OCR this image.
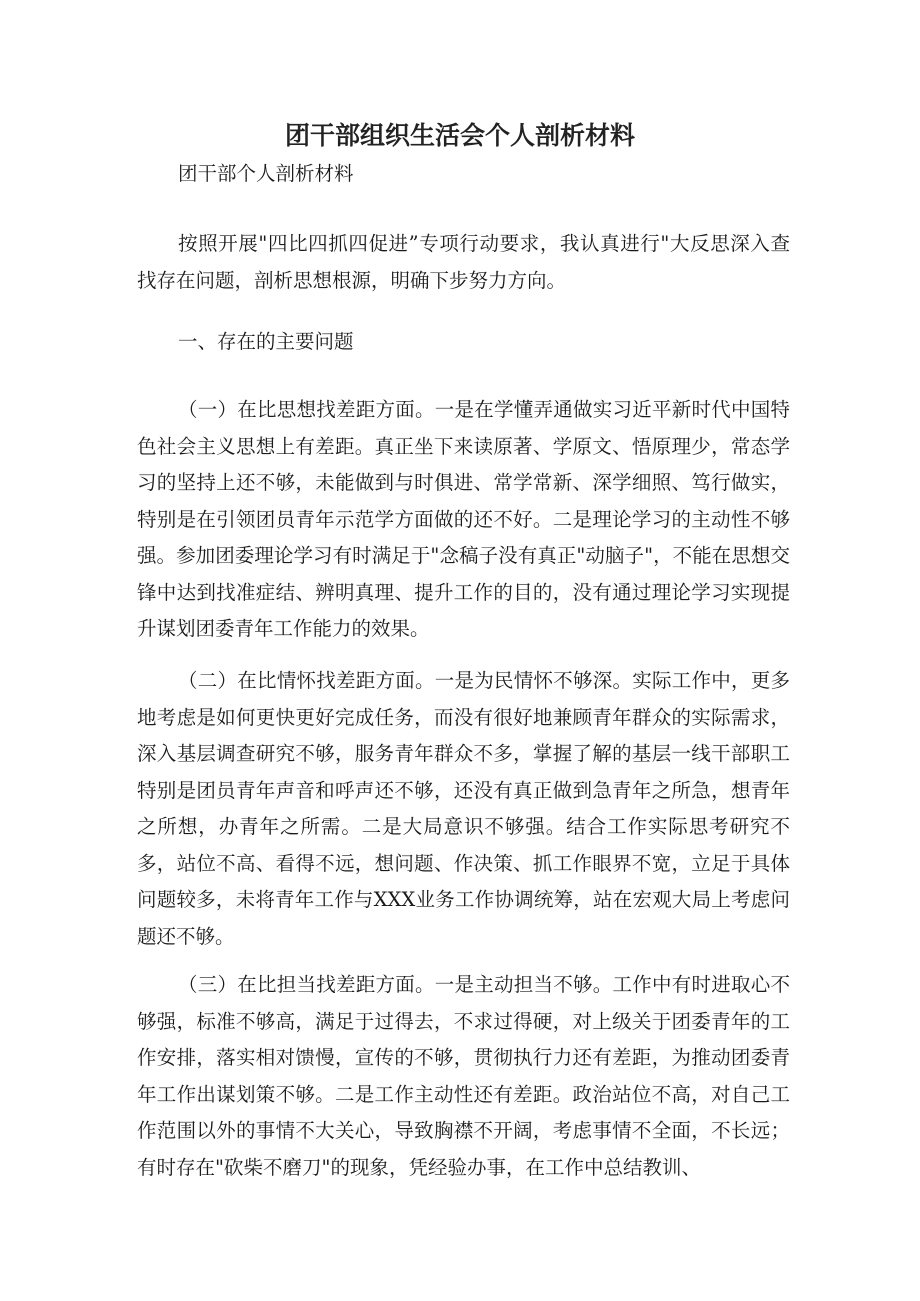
团干部组织生活会个人剖析材料

团干部个人剖析材料

按照开展"四比四抓四促进”专项行动要求，我认真进行"大反思深入查找存在问题，剖析思想根源，明确下步努力方向。

一、存在的主要问题

（一）在比思想找差距方面。一是在学懂弄通做实习近平新时代中国特色社会主义思想上有差距。真正坐下来读原著、学原文、悟原理少，常态学习的坚持上还不够，未能做到与时俱进、常学常新、深学细照、笃行做实，特别是在引领团员青年示范学方面做的还不好。二是理论学习的主动性不够强。参加团委理论学习有时满足于"念稿子没有真正"动脑子"，不能在思想交锋中达到找准症结、辨明真理、提升工作的目的，没有通过理论学习实现提升谋划团委青年工作能力的效果。

（二）在比情怀找差距方面。一是为民情怀不够深。实际工作中，更多地考虑是如何更快更好完成任务，而没有很好地兼顾青年群众的实际需求，深入基层调查研究不够，服务青年群众不多，掌握了解的基层一线干部职工特别是团员青年声音和呼声还不够，还没有真正做到急青年之所急，想青年之所想，办青年之所需。二是大局意识不够强。结合工作实际思考研究不多，站位不高、看得不远，想问题、作决策、抓工作眼界不宽，立足于具体问题较多，未将青年工作与XXX业务工作协调统筹，站在宏观大局上考虑问题还不够。

（三）在比担当找差距方面。一是主动担当不够。工作中有时进取心不够强，标准不够高，满足于过得去，不求过得硬，对上级关于团委青年的工作安排，落实相对馈慢，宣传的不够，贯彻执行力还有差距，为推动团委青年工作出谋划策不够。二是工作主动性还有差距。政治站位不高，对自己工作范围以外的事情不大关心，导致胸襟不开阔，考虑事情不全面，不长远；有时存在"砍柴不磨刀"的现象，凭经验办事，在工作中总结教训、
